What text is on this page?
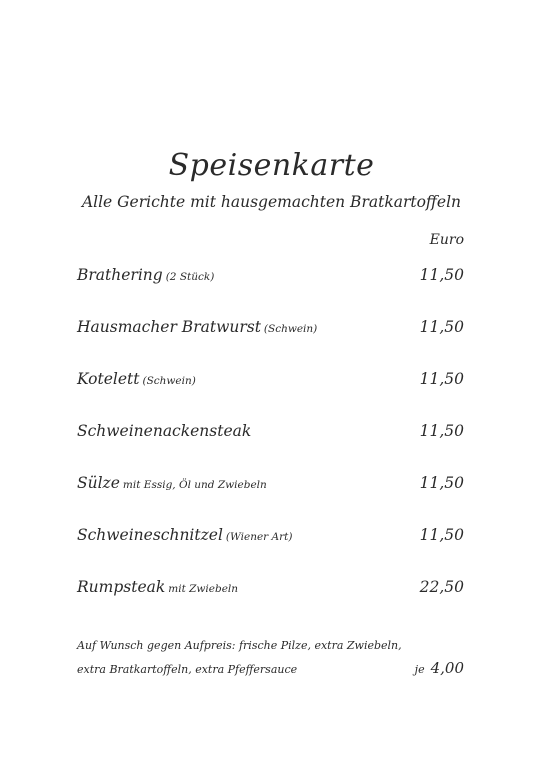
Speisenkarte
Alle Gerichte mit hausgemachten Bratkartoffeln
Euro
Brathering (2 Stück)	11,50
Hausmacher Bratwurst (Schwein)	11,50
Kotelett (Schwein)	11,50
Schweinenackensteak	11,50
Sülze mit Essig, Öl und Zwiebeln	11,50
Schweineschnitzel (Wiener Art)	11,50
Rumpsteak mit Zwiebeln	22,50
Auf Wunsch gegen Aufpreis: frische Pilze, extra Zwiebeln,
extra Bratkartoffeln, extra Pfeffersauce	je 4,00
